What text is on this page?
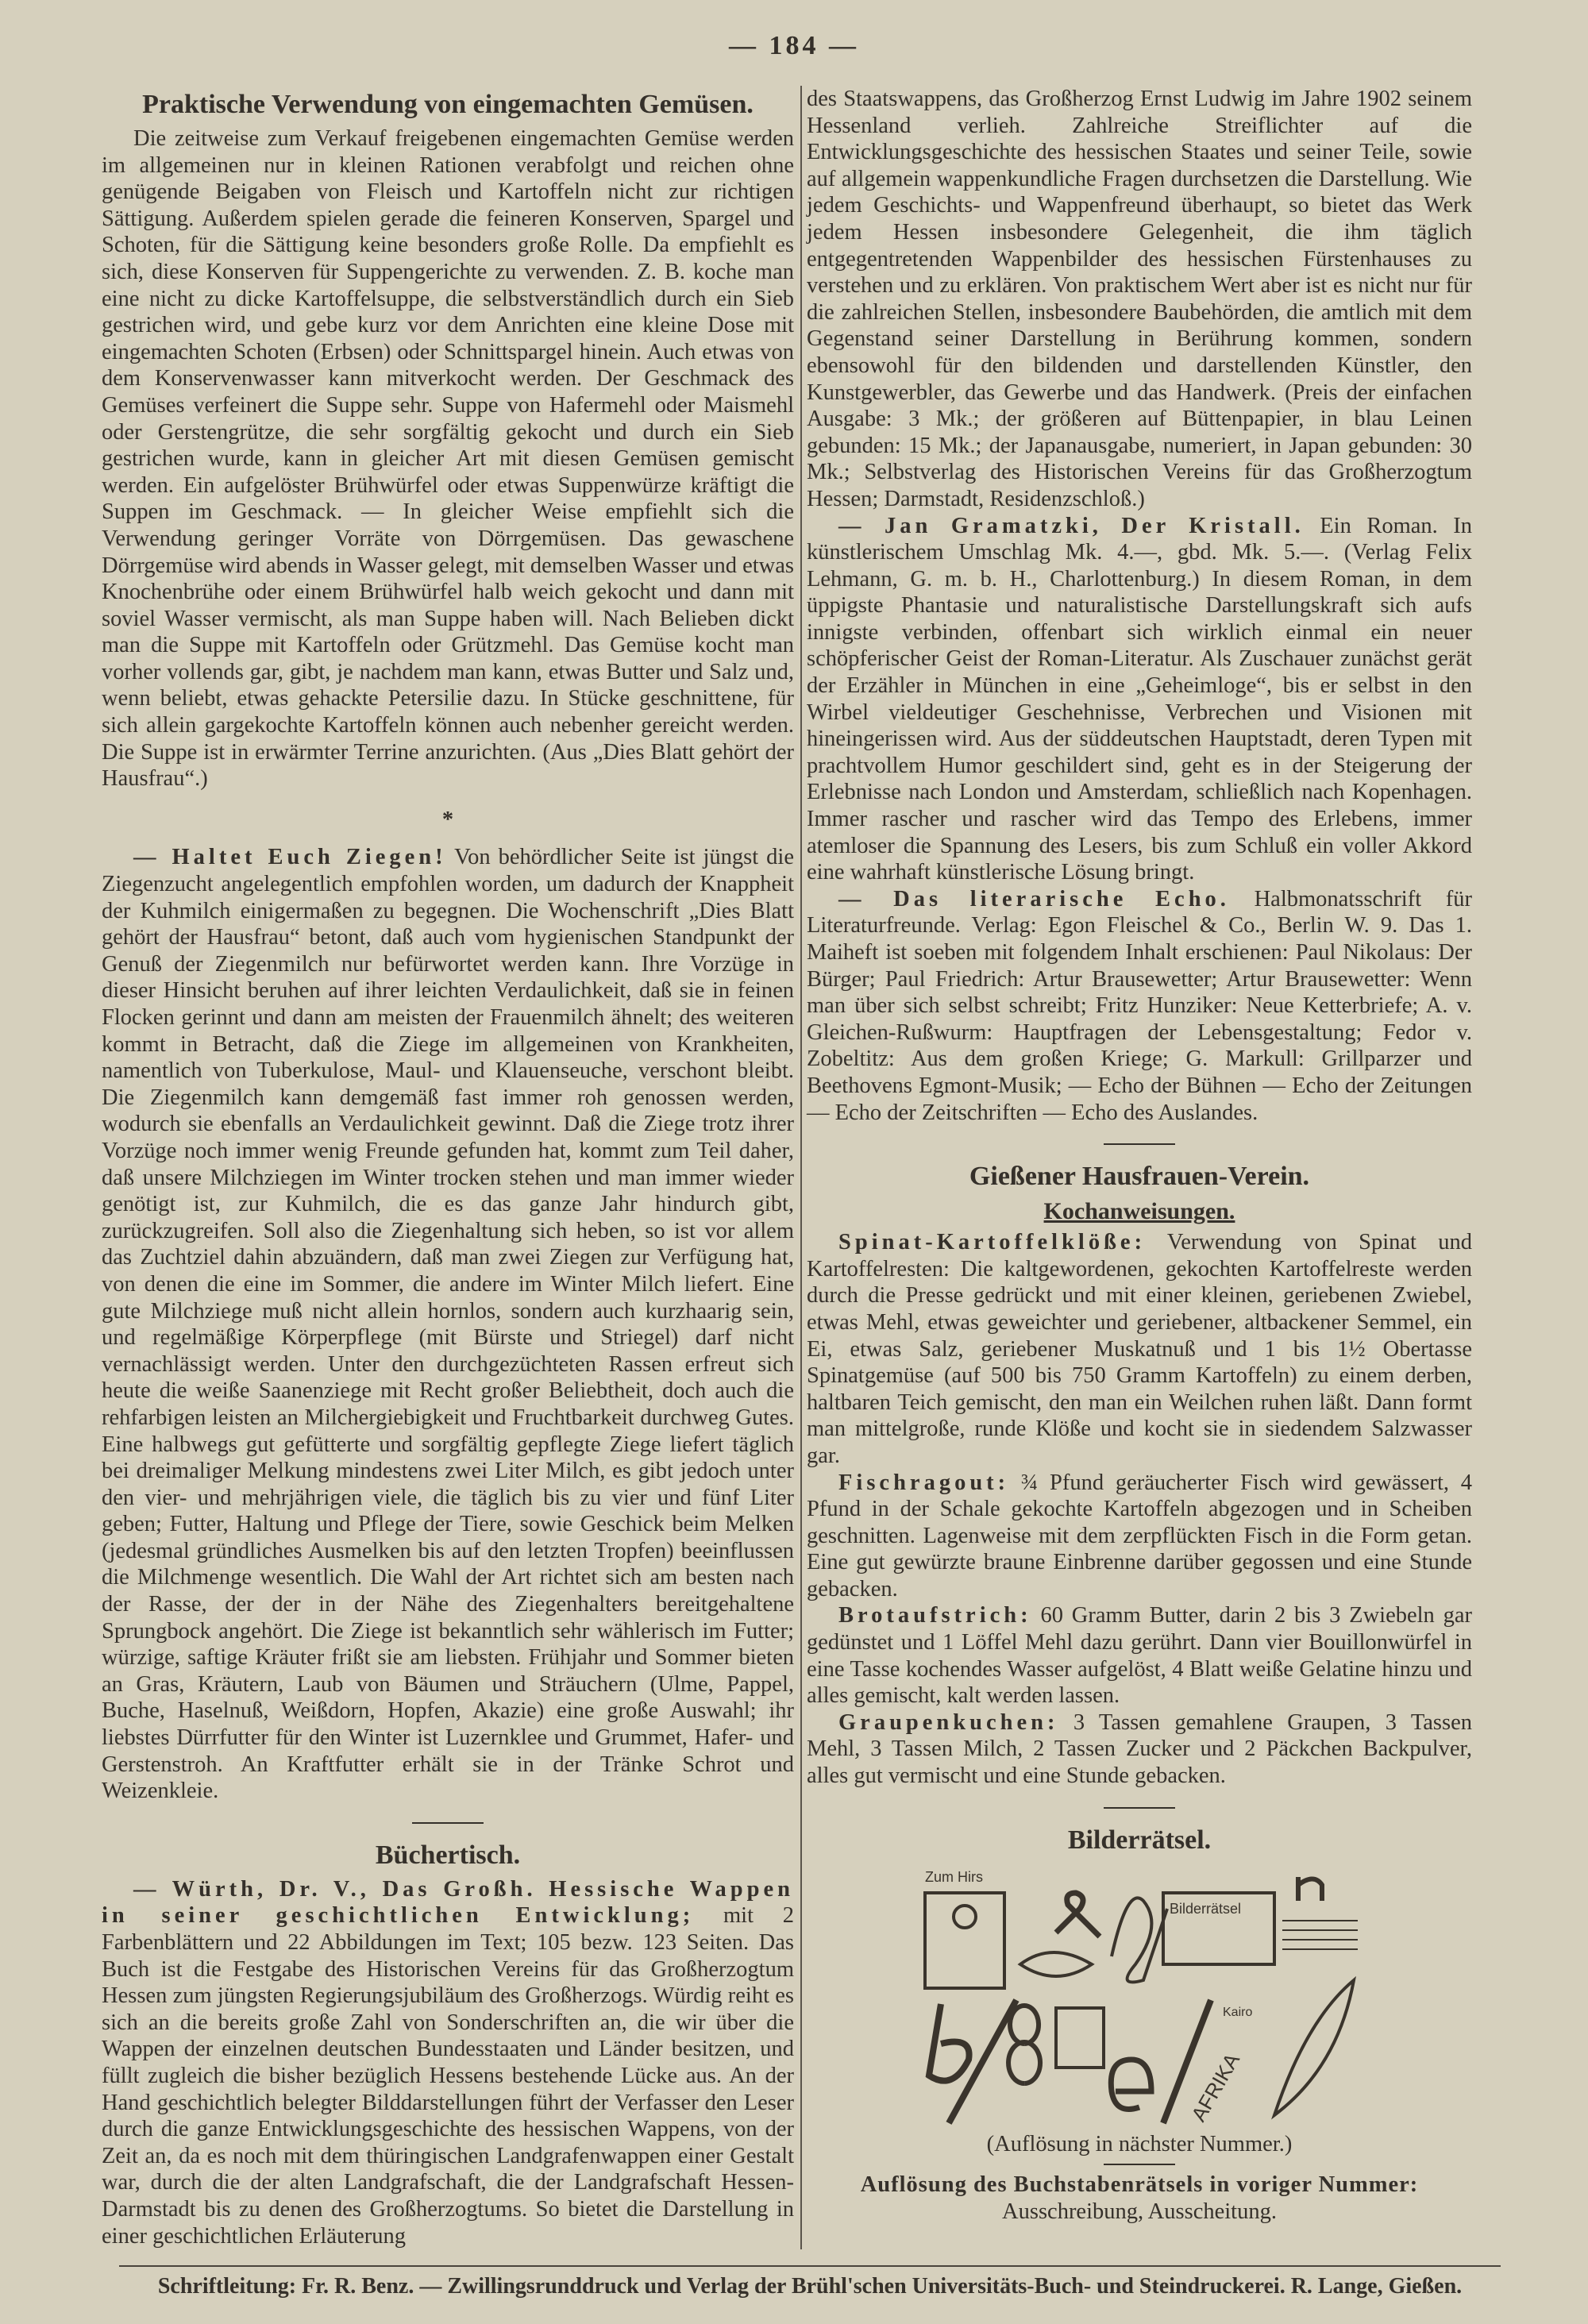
— 184 —
Praktische Verwendung von eingemachten Gemüsen.

Die zeitweise zum Verkauf freigebenen eingemachten Gemüse werden im allgemeinen nur in kleinen Rationen verabfolgt und reichen ohne genügende Beigaben von Fleisch und Kartoffeln nicht zur richtigen Sättigung. Außerdem spielen gerade die feineren Konserven, Spargel und Schoten, für die Sättigung keine besonders große Rolle. Da empfiehlt es sich, diese Konserven für Suppengerichte zu verwenden. Z. B. koche man eine nicht zu dicke Kartoffelsuppe, die selbstverständlich durch ein Sieb gestrichen wird, und gebe kurz vor dem Anrichten eine kleine Dose mit eingemachten Schoten (Erbsen) oder Schnittspargel hinein. Auch etwas von dem Konservenwasser kann mitverkocht werden. Der Geschmack des Gemüses verfeinert die Suppe sehr. Suppe von Hafermehl oder Maismehl oder Gerstengrütze, die sehr sorgfältig gekocht und durch ein Sieb gestrichen wurde, kann in gleicher Art mit diesen Gemüsen gemischt werden. Ein aufgelöster Brühwürfel oder etwas Suppenwürze kräftigt die Suppen im Geschmack. — In gleicher Weise empfiehlt sich die Verwendung geringer Vorräte von Dörrgemüsen. Das gewaschene Dörrgemüse wird abends in Wasser gelegt, mit demselben Wasser und etwas Knochenbrühe oder einem Brühwürfel halb weich gekocht und dann mit soviel Wasser vermischt, als man Suppe haben will. Nach Belieben dickt man die Suppe mit Kartoffeln oder Grützmehl. Das Gemüse kocht man vorher vollends gar, gibt, je nachdem man kann, etwas Butter und Salz und, wenn beliebt, etwas gehackte Petersilie dazu. In Stücke geschnittene, für sich allein gargekochte Kartoffeln können auch nebenher gereicht werden. Die Suppe ist in erwärmter Terrine anzurichten. (Aus „Dies Blatt gehört der Hausfrau“.)

*

— Haltet Euch Ziegen! Von behördlicher Seite ist jüngst die Ziegenzucht angelegentlich empfohlen worden, um dadurch der Knappheit der Kuhmilch einigermaßen zu begegnen. Die Wochenschrift „Dies Blatt gehört der Hausfrau“ betont, daß auch vom hygienischen Standpunkt der Genuß der Ziegenmilch nur befürwortet werden kann. Ihre Vorzüge in dieser Hinsicht beruhen auf ihrer leichten Verdaulichkeit, daß sie in feinen Flocken gerinnt und dann am meisten der Frauenmilch ähnelt; des weiteren kommt in Betracht, daß die Ziege im allgemeinen von Krankheiten, namentlich von Tuberkulose, Maul- und Klauenseuche, verschont bleibt. Die Ziegenmilch kann demgemäß fast immer roh genossen werden, wodurch sie ebenfalls an Verdaulichkeit gewinnt. Daß die Ziege trotz ihrer Vorzüge noch immer wenig Freunde gefunden hat, kommt zum Teil daher, daß unsere Milchziegen im Winter trocken stehen und man immer wieder genötigt ist, zur Kuhmilch, die es das ganze Jahr hindurch gibt, zurückzugreifen. Soll also die Ziegenhaltung sich heben, so ist vor allem das Zuchtziel dahin abzuändern, daß man zwei Ziegen zur Verfügung hat, von denen die eine im Sommer, die andere im Winter Milch liefert. Eine gute Milchziege muß nicht allein hornlos, sondern auch kurzhaarig sein, und regelmäßige Körperpflege (mit Bürste und Striegel) darf nicht vernachlässigt werden. Unter den durchgezüchteten Rassen erfreut sich heute die weiße Saanenziege mit Recht großer Beliebtheit, doch auch die rehfarbigen leisten an Milchergiebigkeit und Fruchtbarkeit durchweg Gutes. Eine halbwegs gut gefütterte und sorgfältig gepflegte Ziege liefert täglich bei dreimaliger Melkung mindestens zwei Liter Milch, es gibt jedoch unter den vier- und mehrjährigen viele, die täglich bis zu vier und fünf Liter geben; Futter, Haltung und Pflege der Tiere, sowie Geschick beim Melken (jedesmal gründliches Ausmelken bis auf den letzten Tropfen) beeinflussen die Milchmenge wesentlich. Die Wahl der Art richtet sich am besten nach der Rasse, der der in der Nähe des Ziegenhalters bereitgehaltene Sprungbock angehört. Die Ziege ist bekanntlich sehr wählerisch im Futter; würzige, saftige Kräuter frißt sie am liebsten. Frühjahr und Sommer bieten an Gras, Kräutern, Laub von Bäumen und Sträuchern (Ulme, Pappel, Buche, Haselnuß, Weißdorn, Hopfen, Akazie) eine große Auswahl; ihr liebstes Dürrfutter für den Winter ist Luzernklee und Grummet, Hafer- und Gerstenstroh. An Kraftfutter erhält sie in der Tränke Schrot und Weizenkleie.

Büchertisch.

— Würth, Dr. V., Das Großh. Hessische Wappen in seiner geschichtlichen Entwicklung; mit 2 Farbenblättern und 22 Abbildungen im Text; 105 bezw. 123 Seiten. Das Buch ist die Festgabe des Historischen Vereins für das Großherzogtum Hessen zum jüngsten Regierungsjubiläum des Großherzogs. Würdig reiht es sich an die bereits große Zahl von Sonderschriften an, die wir über die Wappen der einzelnen deutschen Bundesstaaten und Länder besitzen, und füllt zugleich die bisher bezüglich Hessens bestehende Lücke aus. An der Hand geschichtlich belegter Bilddarstellungen führt der Verfasser den Leser durch die ganze Entwicklungsgeschichte des hessischen Wappens, von der Zeit an, da es noch mit dem thüringischen Landgrafenwappen einer Gestalt war, durch die der alten Landgrafschaft, die der Landgrafschaft Hessen-Darmstadt bis zu denen des Großherzogtums. So bietet die Darstellung in einer geschichtlichen Erläuterung

des Staatswappens, das Großherzog Ernst Ludwig im Jahre 1902 seinem Hessenland verlieh. Zahlreiche Streiflichter auf die Entwicklungsgeschichte des hessischen Staates und seiner Teile, sowie auf allgemein wappenkundliche Fragen durchsetzen die Darstellung. Wie jedem Geschichts- und Wappenfreund überhaupt, so bietet das Werk jedem Hessen insbesondere Gelegenheit, die ihm täglich entgegentretenden Wappenbilder des hessischen Fürstenhauses zu verstehen und zu erklären. Von praktischem Wert aber ist es nicht nur für die zahlreichen Stellen, insbesondere Baubehörden, die amtlich mit dem Gegenstand seiner Darstellung in Berührung kommen, sondern ebensowohl für den bildenden und darstellenden Künstler, den Kunstgewerbler, das Gewerbe und das Handwerk. (Preis der einfachen Ausgabe: 3 Mk.; der größeren auf Büttenpapier, in blau Leinen gebunden: 15 Mk.; der Japanausgabe, numeriert, in Japan gebunden: 30 Mk.; Selbstverlag des Historischen Vereins für das Großherzogtum Hessen; Darmstadt, Residenzschloß.)

— Jan Gramatzki, Der Kristall. Ein Roman. In künstlerischem Umschlag Mk. 4.—, gbd. Mk. 5.—. (Verlag Felix Lehmann, G. m. b. H., Charlottenburg.) In diesem Roman, in dem üppigste Phantasie und naturalistische Darstellungskraft sich aufs innigste verbinden, offenbart sich wirklich einmal ein neuer schöpferischer Geist der Roman-Literatur. Als Zuschauer zunächst gerät der Erzähler in München in eine „Geheimloge“, bis er selbst in den Wirbel vieldeutiger Geschehnisse, Verbrechen und Visionen mit hineingerissen wird. Aus der süddeutschen Hauptstadt, deren Typen mit prachtvollem Humor geschildert sind, geht es in der Steigerung der Erlebnisse nach London und Amsterdam, schließlich nach Kopenhagen. Immer rascher und rascher wird das Tempo des Erlebens, immer atemloser die Spannung des Lesers, bis zum Schluß ein voller Akkord eine wahrhaft künstlerische Lösung bringt.

— Das literarische Echo. Halbmonatsschrift für Literaturfreunde. Verlag: Egon Fleischel & Co., Berlin W. 9. Das 1. Maiheft ist soeben mit folgendem Inhalt erschienen: Paul Nikolaus: Der Bürger; Paul Friedrich: Artur Brausewetter; Artur Brausewetter: Wenn man über sich selbst schreibt; Fritz Hunziker: Neue Ketterbriefe; A. v. Gleichen-Rußwurm: Hauptfragen der Lebensgestaltung; Fedor v. Zobeltitz: Aus dem großen Kriege; G. Markull: Grillparzer und Beethovens Egmont-Musik; — Echo der Bühnen — Echo der Zeitungen — Echo der Zeitschriften — Echo des Auslandes.

Gießener Hausfrauen-Verein.
Kochanweisungen.

Spinat-Kartoffelklöße: Verwendung von Spinat und Kartoffelresten: Die kaltgewordenen, gekochten Kartoffelreste werden durch die Presse gedrückt und mit einer kleinen, geriebenen Zwiebel, etwas Mehl, etwas geweichter und geriebener, altbackener Semmel, ein Ei, etwas Salz, geriebener Muskatnuß und 1 bis 1½ Obertasse Spinatgemüse (auf 500 bis 750 Gramm Kartoffeln) zu einem derben, haltbaren Teich gemischt, den man ein Weilchen ruhen läßt. Dann formt man mittelgroße, runde Klöße und kocht sie in siedendem Salzwasser gar.

Fischragout: ¾ Pfund geräucherter Fisch wird gewässert, 4 Pfund in der Schale gekochte Kartoffeln abgezogen und in Scheiben geschnitten. Lagenweise mit dem zerpflückten Fisch in die Form getan. Eine gut gewürzte braune Einbrenne darüber gegossen und eine Stunde gebacken.

Brotaufstrich: 60 Gramm Butter, darin 2 bis 3 Zwiebeln gar gedünstet und 1 Löffel Mehl dazu gerührt. Dann vier Bouillonwürfel in eine Tasse kochendes Wasser aufgelöst, 4 Blatt weiße Gelatine hinzu und alles gemischt, kalt werden lassen.

Graupenkuchen: 3 Tassen gemahlene Graupen, 3 Tassen Mehl, 3 Tassen Milch, 2 Tassen Zucker und 2 Päckchen Backpulver, alles gut vermischt und eine Stunde gebacken.

Bilderrätsel.
Zum Hirs
Bilderrätsel
Kairo
AFRIKA

(Auflösung in nächster Nummer.)

Auflösung des Buchstabenrätsels in voriger Nummer:

Ausschreibung, Ausscheitung.

Schriftleitung: Fr. R. Benz. — Zwillingsrunddruck und Verlag der Brühl'schen Universitäts-Buch- und Steindruckerei. R. Lange, Gießen.
